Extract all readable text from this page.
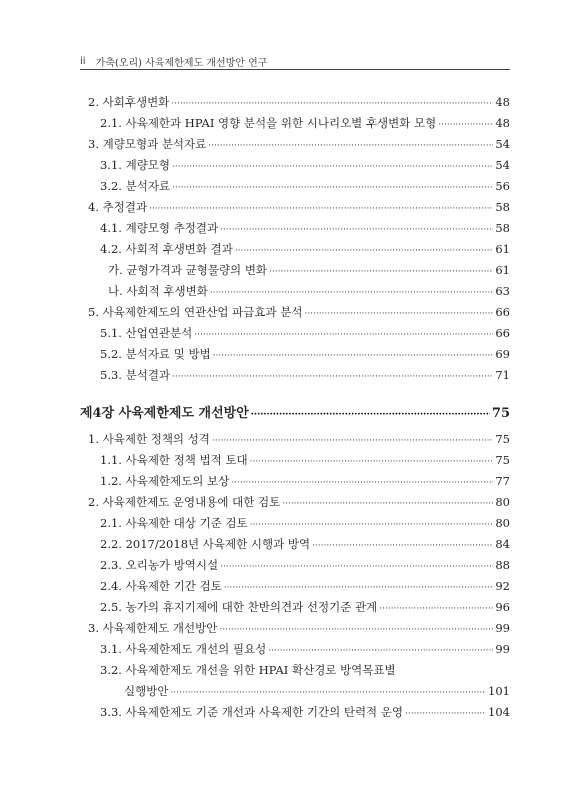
ii 가축(오리) 사육제한제도 개선방안 연구
2. 사회후생변화 ·····	48
2.1. 사육제한과 HPAI 영향 분석을 위한 시나리오별 후생변화 모형 ·····	48
3. 계량모형과 분석자료 ·····	54
3.1. 계량모형 ·····	54
3.2. 분석자료 ·····	56
4. 추정결과 ·····	58
4.1. 계량모형 추정결과 ·····	58
4.2. 사회적 후생변화 결과 ·····	61
가. 균형가격과 균형물량의 변화 ·····	61
나. 사회적 후생변화 ·····	63
5. 사육제한제도의 연관산업 파급효과 분석 ·····	66
5.1. 산업연관분석 ·····	66
5.2. 분석자료 및 방법 ·····	69
5.3. 분석결과 ·····	71
제4장 사육제한제도 개선방안 ·····	75
1. 사육제한 정책의 성격 ·····	75
1.1. 사육제한 정책 법적 토대 ·····	75
1.2. 사육제한제도의 보상 ·····	77
2. 사육제한제도 운영내용에 대한 검토 ·····	80
2.1. 사육제한 대상 기준 검토 ·····	80
2.2. 2017/2018년 사육제한 시행과 방역 ·····	84
2.3. 오리농가 방역시설 ·····	88
2.4. 사육제한 기간 검토 ·····	92
2.5. 농가의 휴지기제에 대한 찬반의견과 선정기준 관계 ·····	96
3. 사육제한제도 개선방안 ·····	99
3.1. 사육제한제도 개선의 필요성 ·····	99
3.2. 사육제한제도 개선을 위한 HPAI 확산경로 방역목표별
실행방안 ·····	101
3.3. 사육제한제도 기준 개선과 사육제한 기간의 탄력적 운영 ·····	104
